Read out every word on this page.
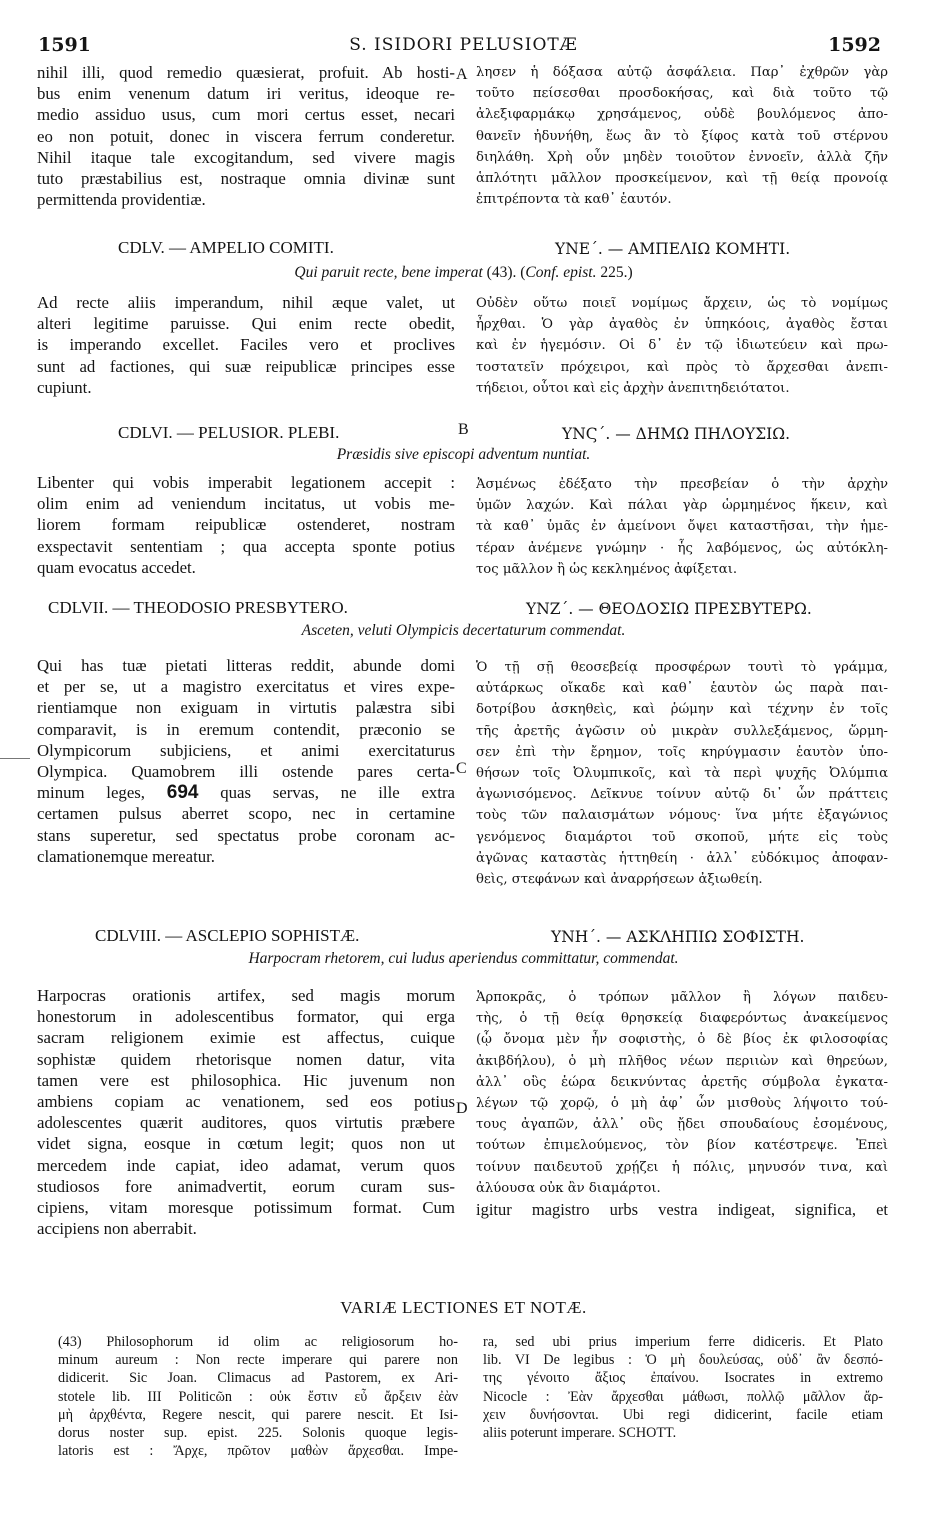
1591	S. ISIDORI PELUSIOTÆ	1592
nihil illi, quod remedio quæsierat, profuit. Ab hosti-
bus enim venenum datum iri veritus, ideoque re-
medio assiduo usus, cum mori certus esset, necari
eo non potuit, donec in viscera ferrum conderetur.
Nihil itaque tale excogitandum, sed vivere magis
tuto præstabilius est, nostraque omnia divinæ sunt
permittenda providentiæ.
A λησεν ἡ δόξασα αὐτῷ ἀσφάλεια. Παρ᾽ ἐχθρῶν γὰρ
τοῦτο πείσεσθαι προσδοκήσας, καὶ διὰ τοῦτο τῷ
ἀλεξιφαρμάκῳ χρησάμενος, οὐδὲ βουλόμενος ἀπο-
θανεῖν ἠδυνήθη, ἕως ἂν τὸ ξίφος κατὰ τοῦ στέρνου
διηλάθη. Χρὴ οὖν μηδὲν τοιοῦτον ἐννοεῖν, ἀλλὰ ζῆν
ἁπλότητι μᾶλλον προσκείμενον, καὶ τῇ θείᾳ προνοίᾳ
ἐπιτρέποντα τὰ καθ᾽ ἑαυτόν.
CDLV. — AMPELIO COMITI.	ΥΝΕ΄. — ΑΜΠΕΛΙΩ ΚΟΜΗΤΙ.
Qui paruit recte, bene imperat (43). (Conf. epist. 225.)
Ad recte aliis imperandum, nihil æque valet, ut
alteri legitime paruisse. Qui enim recte obedit,
is imperando excellet. Faciles vero et proclives
sunt ad factiones, qui suæ reipublicæ principes esse
cupiunt.
Οὐδὲν οὕτω ποιεῖ νομίμως ἄρχειν, ὡς τὸ νομίμως
ἦρχθαι. Ὁ γὰρ ἀγαθὸς ἐν ὑπηκόοις, ἀγαθὸς ἔσται
καὶ ἐν ἡγεμόσιν. Οἱ δ᾽ ἐν τῷ ἰδιωτεύειν καὶ πρω-
τοστατεῖν πρόχειροι, καὶ πρὸς τὸ ἄρχεσθαι ἀνεπι-
τήδειοι, οὗτοι καὶ εἰς ἀρχὴν ἀνεπιτηδειότατοι.
CDLVI. — PELUSIOR. PLEBI.	B	ΥΝϚ΄. — ΔΗΜΩ ΠΗΛΟΥΣΙΩ.
Præsidis sive episcopi adventum nuntiat.
Libenter qui vobis imperabit legationem accepit :
olim enim ad veniendum incitatus, ut vobis me-
liorem formam reipublicæ ostenderet, nostram
exspectavit sententiam ; qua accepta sponte potius
quam evocatus accedet.
Ἀσμένως ἐδέξατο τὴν πρεσβείαν ὁ τὴν ἀρχὴν
ὑμῶν λαχών. Καὶ πάλαι γὰρ ὡρμημένος ἥκειν, καὶ
τὰ καθ᾽ ὑμᾶς ἐν ἀμείνονι ὄψει καταστῆσαι, τὴν ἡμε-
τέραν ἀνέμενε γνώμην · ἧς λαβόμενος, ὡς αὐτόκλη-
τος μᾶλλον ἢ ὡς κεκλημένος ἀφίξεται.
CDLVII. — THEODOSIO PRESBYTERO.	ΥΝΖ΄. — ΘΕΟΔΟΣΙΩ ΠΡΕΣΒΥΤΕΡΩ.
Asceten, veluti Olympicis decertaturum commendat.
Qui has tuæ pietati litteras reddit, abunde domi
et per se, ut a magistro exercitatus et vires expe-
rientiamque non exiguam in virtutis palæstra sibi
comparavit, is in eremum contendit, præconio se
Olympicorum subjiciens, et animi exercitaturus
Olympica. Quamobrem illi ostende pares certa-
minum leges, 694 quas servas, ne ille extra
certamen pulsus aberret scopo, nec in certamine
stans superetur, sed spectatus probe coronam ac-
clamationemque mereatur.
C
Ὁ τῇ σῇ θεοσεβείᾳ προσφέρων τουτὶ τὸ γράμμα,
αὐτάρκως οἴκαδε καὶ καθ᾽ ἑαυτὸν ὡς παρὰ παι-
δοτρίβου ἀσκηθεὶς, καὶ ῥώμην καὶ τέχνην ἐν τοῖς
τῆς ἀρετῆς ἀγῶσιν οὐ μικρὰν συλλεξάμενος, ὥρμη-
σεν ἐπὶ τὴν ἔρημον, τοῖς κηρύγμασιν ἑαυτὸν ὑπο-
θήσων τοῖς Ὀλυμπικοῖς, καὶ τὰ περὶ ψυχῆς Ὀλύμπια
ἀγωνισόμενος. Δεῖκνυε τοίνυν αὐτῷ δι᾽ ὧν πράττεις
τοὺς τῶν παλαισμάτων νόμους· ἵνα μήτε ἐξαγώνιος
γενόμενος διαμάρτοι τοῦ σκοποῦ, μήτε εἰς τοὺς
ἀγῶνας καταστὰς ἡττηθείη · ἀλλ᾽ εὐδόκιμος ἀποφαν-
θεὶς, στεφάνων καὶ ἀναρρήσεων ἀξιωθείη.
CDLVIII. — ASCLEPIO SOPHISTÆ.	ΥΝΗ΄. — ΑΣΚΛΗΠΙΩ ΣΟΦΙΣΤΗ.
Harpocram rhetorem, cui ludus aperiendus committatur, commendat.
Harpocras orationis artifex, sed magis morum
honestorum in adolescentibus formator, qui erga
sacram religionem eximie est affectus, cuique
sophistæ quidem rhetorisque nomen datur, vita
tamen vere est philosophica. Hic juvenum non
ambiens copiam ac venationem, sed eos potius
adolescentes quærit auditores, quos virtutis præbere
videt signa, eosque in cœtum legit; quos non ut
mercedem inde capiat, ideo adamat, verum quos
studiosos fore animadvertit, eorum curam sus-
cipiens, vitam moresque potissimum format. Cum
accipiens non aberrabit.
D
Ἁρποκρᾶς, ὁ τρόπων μᾶλλον ἢ λόγων παιδευ-
τὴς, ὁ τῇ θείᾳ θρησκείᾳ διαφερόντως ἀνακείμενος
(ᾧ ὄνομα μὲν ἦν σοφιστὴς, ὁ δὲ βίος ἐκ φιλοσοφίας
ἀκιβδήλου), ὁ μὴ πλῆθος νέων περιιὼν καὶ θηρεύων,
ἀλλ᾽ οὓς ἑώρα δεικνύντας ἀρετῆς σύμβολα ἐγκατα-
λέγων τῷ χορῷ, ὁ μὴ ἀφ᾽ ὧν μισθοὺς λήψοιτο τού-
τους ἀγαπῶν, ἀλλ᾽ οὓς ᾔδει σπουδαίους ἐσομένους,
τούτων ἐπιμελούμενος, τὸν βίον κατέστρεψε. Ἐπεὶ
τοίνυν παιδευτοῦ χρῄζει ἡ πόλις, μηνυσόν τινα, καὶ
ἀλύουσα οὐκ ἂν διαμάρτοι.
igitur magistro urbs vestra indigeat, significa, et
VARIÆ LECTIONES ET NOTÆ.
(43) Philosophorum id olim ac religiosorum ho-
minum aureum : Non recte imperare qui parere non
didicerit. Sic Joan. Climacus ad Pastorem, ex Ari-
stotele lib. III Politicῶn : οὐκ ἔστιν εὖ ἄρξειν ἐὰν
μὴ ἀρχθέντα, Regere nescit, qui parere nescit. Et Isi-
dorus noster sup. epist. 225. Solonis quoque legis-
latoris est : Ἄρχε, πρῶτον μαθὼν ἄρχεσθαι. Impe-
ra, sed ubi prius imperium ferre didiceris. Et Plato
lib. VI De legibus : Ὁ μὴ δουλεύσας, οὐδ᾽ ἂν δεσπό-
της γένοιτο ἄξιος ἐπαίνου. Isocrates in extremo
Nicocle : Ἐὰν ἄρχεσθαι μάθωσι, πολλῷ μᾶλλον ἄρ-
χειν δυνήσονται. Ubi regi didicerint, facile etiam
aliis poterunt imperare. SCHOTT.
